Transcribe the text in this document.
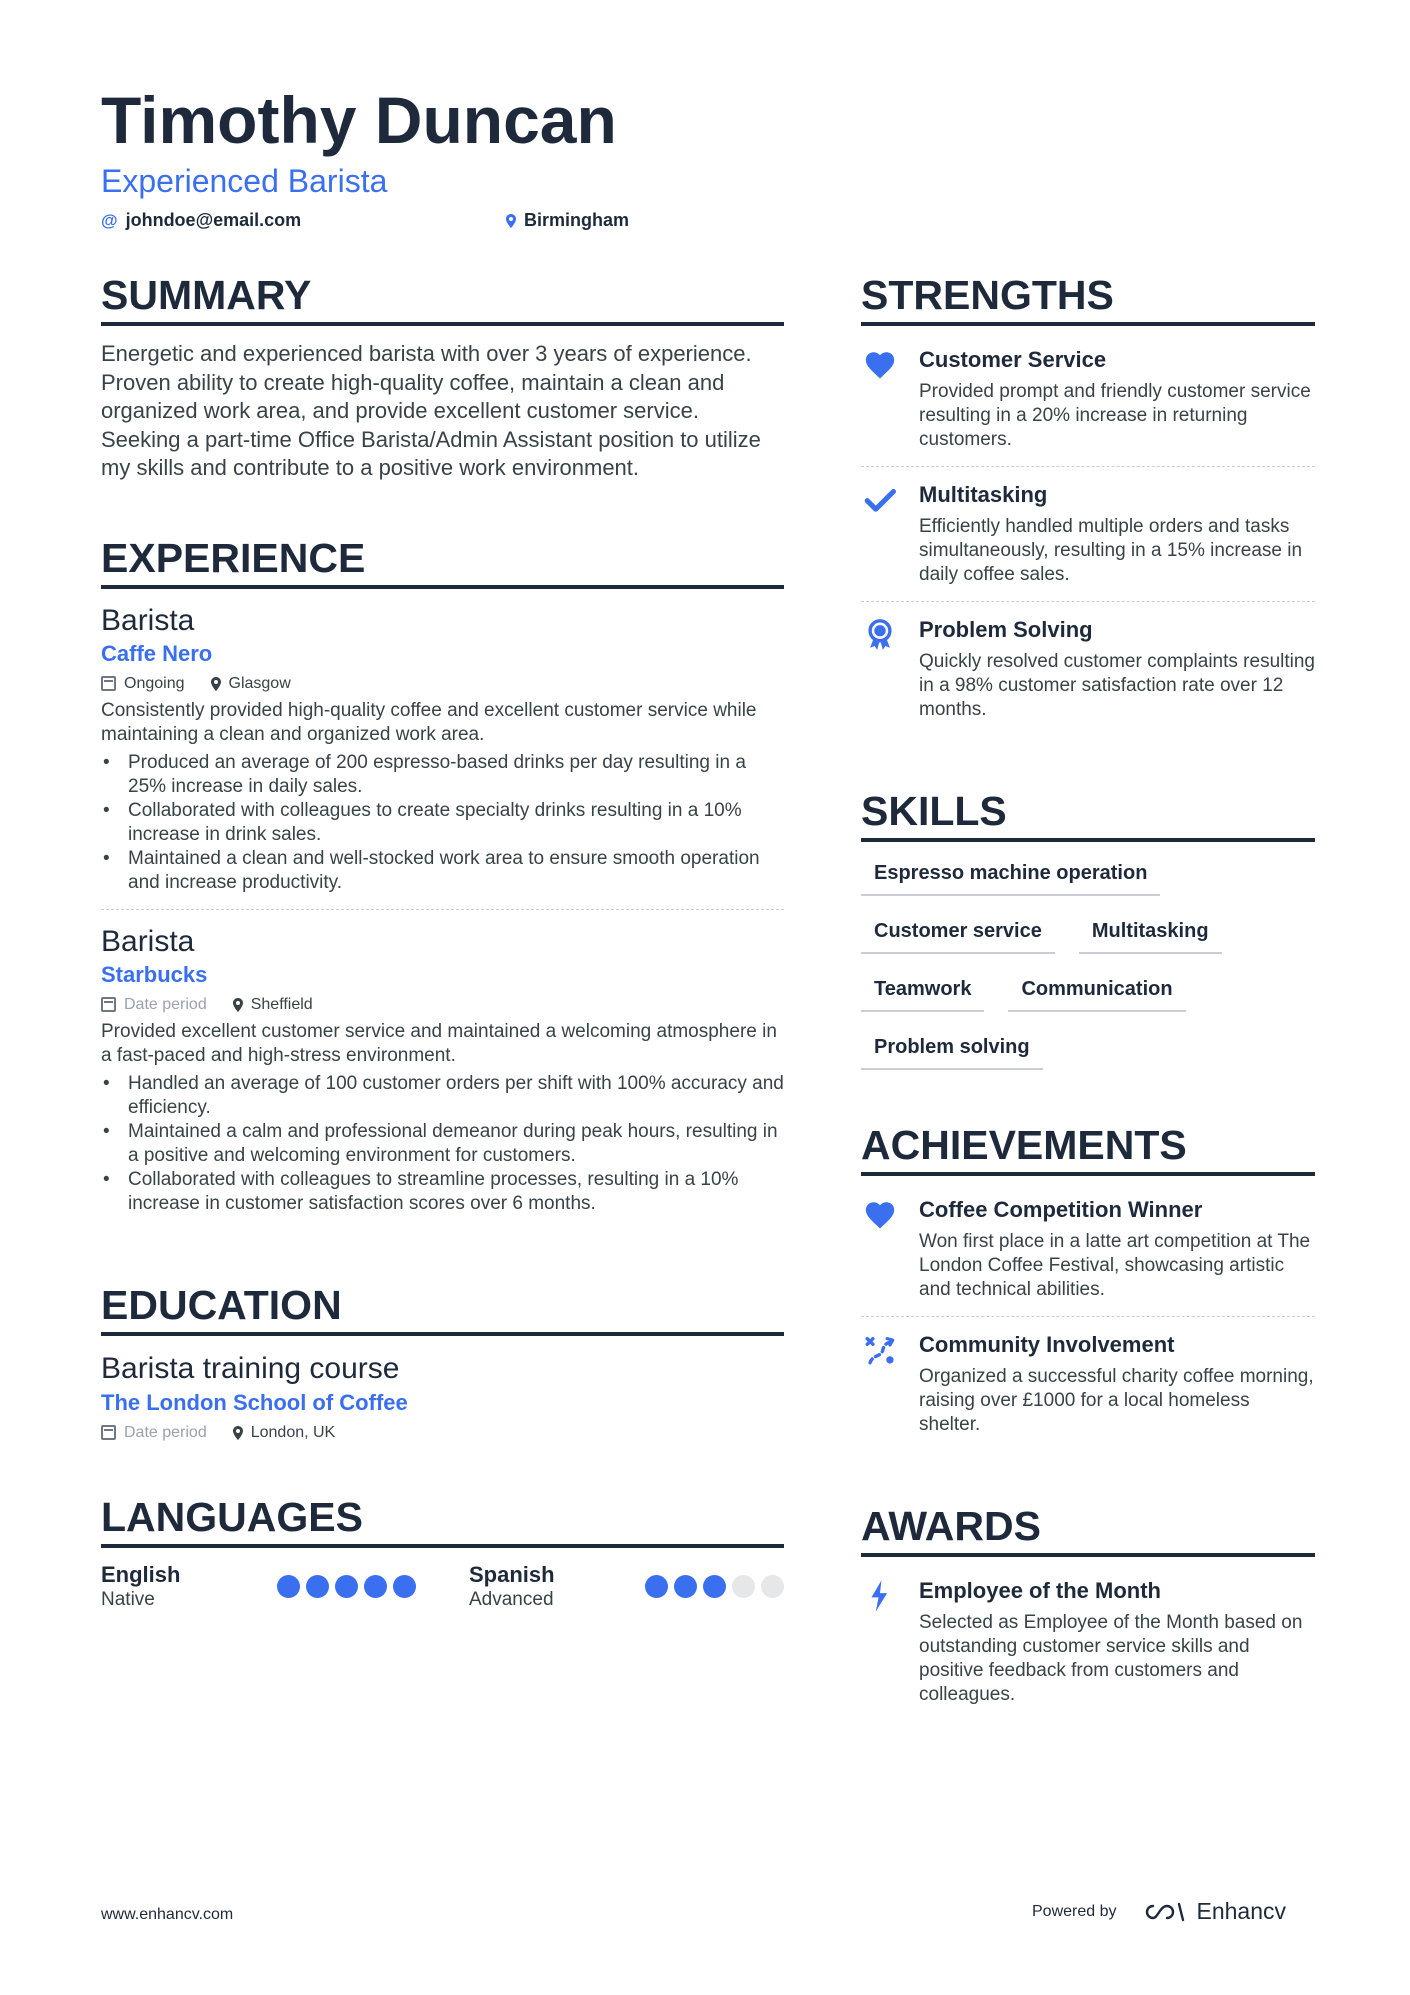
Timothy Duncan
Experienced Barista
@ johndoe@email.com	Birmingham
SUMMARY
Energetic and experienced barista with over 3 years of experience. Proven ability to create high-quality coffee, maintain a clean and organized work area, and provide excellent customer service. Seeking a part-time Office Barista/Admin Assistant position to utilize my skills and contribute to a positive work environment.
EXPERIENCE
Barista
Caffe Nero
Ongoing	Glasgow
Consistently provided high-quality coffee and excellent customer service while maintaining a clean and organized work area.
• Produced an average of 200 espresso-based drinks per day resulting in a 25% increase in daily sales.
• Collaborated with colleagues to create specialty drinks resulting in a 10% increase in drink sales.
• Maintained a clean and well-stocked work area to ensure smooth operation and increase productivity.
Barista
Starbucks
Date period	Sheffield
Provided excellent customer service and maintained a welcoming atmosphere in a fast-paced and high-stress environment.
• Handled an average of 100 customer orders per shift with 100% accuracy and efficiency.
• Maintained a calm and professional demeanor during peak hours, resulting in a positive and welcoming environment for customers.
• Collaborated with colleagues to streamline processes, resulting in a 10% increase in customer satisfaction scores over 6 months.
EDUCATION
Barista training course
The London School of Coffee
Date period	London, UK
LANGUAGES
English
Native
Spanish
Advanced
STRENGTHS
Customer Service
Provided prompt and friendly customer service resulting in a 20% increase in returning customers.
Multitasking
Efficiently handled multiple orders and tasks simultaneously, resulting in a 15% increase in daily coffee sales.
Problem Solving
Quickly resolved customer complaints resulting in a 98% customer satisfaction rate over 12 months.
SKILLS
Espresso machine operation
Customer service	Multitasking
Teamwork	Communication
Problem solving
ACHIEVEMENTS
Coffee Competition Winner
Won first place in a latte art competition at The London Coffee Festival, showcasing artistic and technical abilities.
Community Involvement
Organized a successful charity coffee morning, raising over £1000 for a local homeless shelter.
AWARDS
Employee of the Month
Selected as Employee of the Month based on outstanding customer service skills and positive feedback from customers and colleagues.
www.enhancv.com	Powered by	Enhancv
